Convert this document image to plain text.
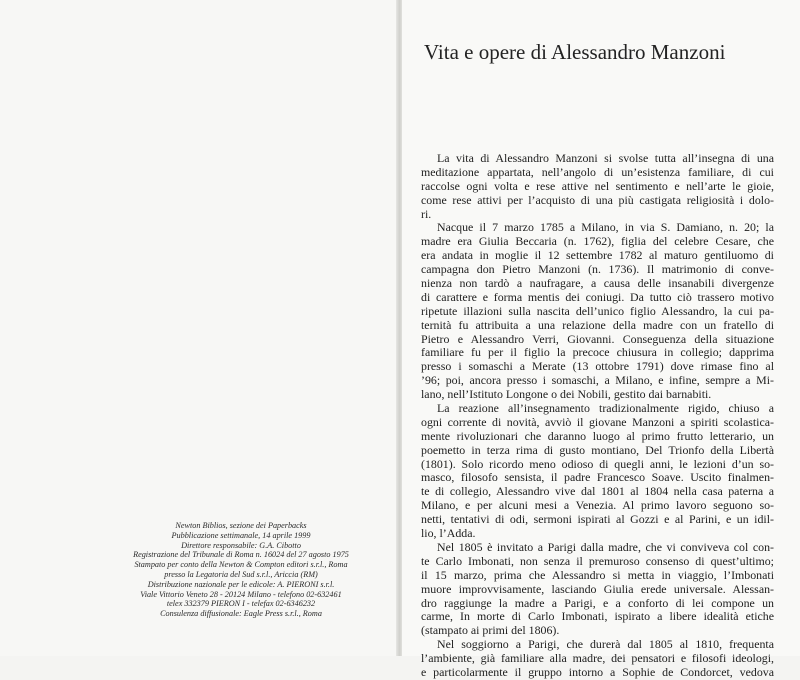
Newton Biblios, sezione dei Paperbacks
Pubblicazione settimanale, 14 aprile 1999
Direttore responsabile: G.A. Cibotto
Registrazione del Tribunale di Roma n. 16024 del 27 agosto 1975
Stampato per conto della Newton & Compton editori s.r.l., Roma
presso la Legatoria del Sud s.r.l., Ariccia (RM)
Distribuzione nazionale per le edicole: A. PIERONI s.r.l.
Viale Vittorio Veneto 28 - 20124 Milano - telefono 02-632461
telex 332379 PIERON I - telefax 02-6346232
Consulenza diffusionale: Eagle Press s.r.l., Roma
Vita e opere di Alessandro Manzoni
La vita di Alessandro Manzoni si svolse tutta all’insegna di una
meditazione appartata, nell’angolo di un’esistenza familiare, di cui
raccolse ogni volta e rese attive nel sentimento e nell’arte le gioie,
come rese attivi per l’acquisto di una più castigata religiosità i dolo-
ri.
Nacque il 7 marzo 1785 a Milano, in via S. Damiano, n. 20; la
madre era Giulia Beccaria (n. 1762), figlia del celebre Cesare, che
era andata in moglie il 12 settembre 1782 al maturo gentiluomo di
campagna don Pietro Manzoni (n. 1736). Il matrimonio di conve-
nienza non tardò a naufragare, a causa delle insanabili divergenze
di carattere e forma mentis dei coniugi. Da tutto ciò trassero motivo
ripetute illazioni sulla nascita dell’unico figlio Alessandro, la cui pa-
ternità fu attribuita a una relazione della madre con un fratello di
Pietro e Alessandro Verri, Giovanni. Conseguenza della situazione
familiare fu per il figlio la precoce chiusura in collegio; dapprima
presso i somaschi a Merate (13 ottobre 1791) dove rimase fino al
’96; poi, ancora presso i somaschi, a Milano, e infine, sempre a Mi-
lano, nell’Istituto Longone o dei Nobili, gestito dai barnabiti.
La reazione all’insegnamento tradizionalmente rigido, chiuso a
ogni corrente di novità, avviò il giovane Manzoni a spiriti scolastica-
mente rivoluzionari che daranno luogo al primo frutto letterario, un
poemetto in terza rima di gusto montiano, Del Trionfo della Libertà
(1801). Solo ricordo meno odioso di quegli anni, le lezioni d’un so-
masco, filosofo sensista, il padre Francesco Soave. Uscito finalmen-
te di collegio, Alessandro vive dal 1801 al 1804 nella casa paterna a
Milano, e per alcuni mesi a Venezia. Al primo lavoro seguono so-
netti, tentativi di odi, sermoni ispirati al Gozzi e al Parini, e un idil-
lio, l’Adda.
Nel 1805 è invitato a Parigi dalla madre, che vi conviveva col con-
te Carlo Imbonati, non senza il premuroso consenso di quest’ultimo;
il 15 marzo, prima che Alessandro si metta in viaggio, l’Imbonati
muore improvvisamente, lasciando Giulia erede universale. Alessan-
dro raggiunge la madre a Parigi, e a conforto di lei compone un
carme, In morte di Carlo Imbonati, ispirato a libere idealità etiche
(stampato ai primi del 1806).
Nel soggiorno a Parigi, che durerà dal 1805 al 1810, frequenta
l’ambiente, già familiare alla madre, dei pensatori e filosofi ideologi,
e particolarmente il gruppo intorno a Sophie de Condorcet, vedova
